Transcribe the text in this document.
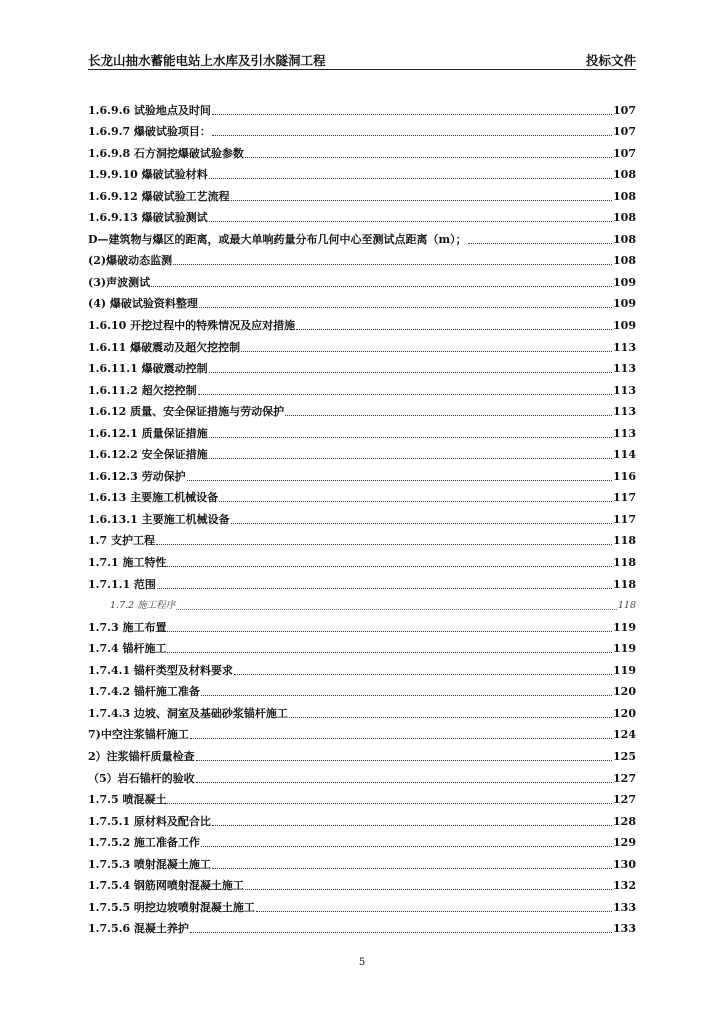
长龙山抽水蓄能电站上水库及引水隧洞工程	投标文件
1.6.9.6 试验地点及时间	107
1.6.9.7 爆破试验项目：	107
1.6.9.8 石方洞挖爆破试验参数	107
1.9.9.10 爆破试验材料	108
1.6.9.12 爆破试验工艺流程	108
1.6.9.13 爆破试验测试	108
D—建筑物与爆区的距离，或最大单响药量分布几何中心至测试点距离（m）；	108
(2)爆破动态监测	108
(3)声波测试	109
(4) 爆破试验资料整理	109
1.6.10 开挖过程中的特殊情况及应对措施	109
1.6.11 爆破震动及超欠挖控制	113
1.6.11.1 爆破震动控制	113
1.6.11.2 超欠挖控制	113
1.6.12 质量、安全保证措施与劳动保护	113
1.6.12.1 质量保证措施	113
1.6.12.2 安全保证措施	114
1.6.12.3 劳动保护	116
1.6.13 主要施工机械设备	117
1.6.13.1 主要施工机械设备	117
1.7 支护工程	118
1.7.1 施工特性	118
1.7.1.1 范围	118
1.7.2 施工程序	118
1.7.3 施工布置	119
1.7.4 锚杆施工	119
1.7.4.1 锚杆类型及材料要求	119
1.7.4.2 锚杆施工准备	120
1.7.4.3 边坡、洞室及基础砂浆锚杆施工	120
7)中空注浆锚杆施工	124
2）注浆锚杆质量检查	125
（5）岩石锚杆的验收	127
1.7.5 喷混凝土	127
1.7.5.1 原材料及配合比	128
1.7.5.2 施工准备工作	129
1.7.5.3 喷射混凝土施工	130
1.7.5.4 钢筋网喷射混凝土施工	132
1.7.5.5 明挖边坡喷射混凝土施工	133
1.7.5.6 混凝土养护	133
5
